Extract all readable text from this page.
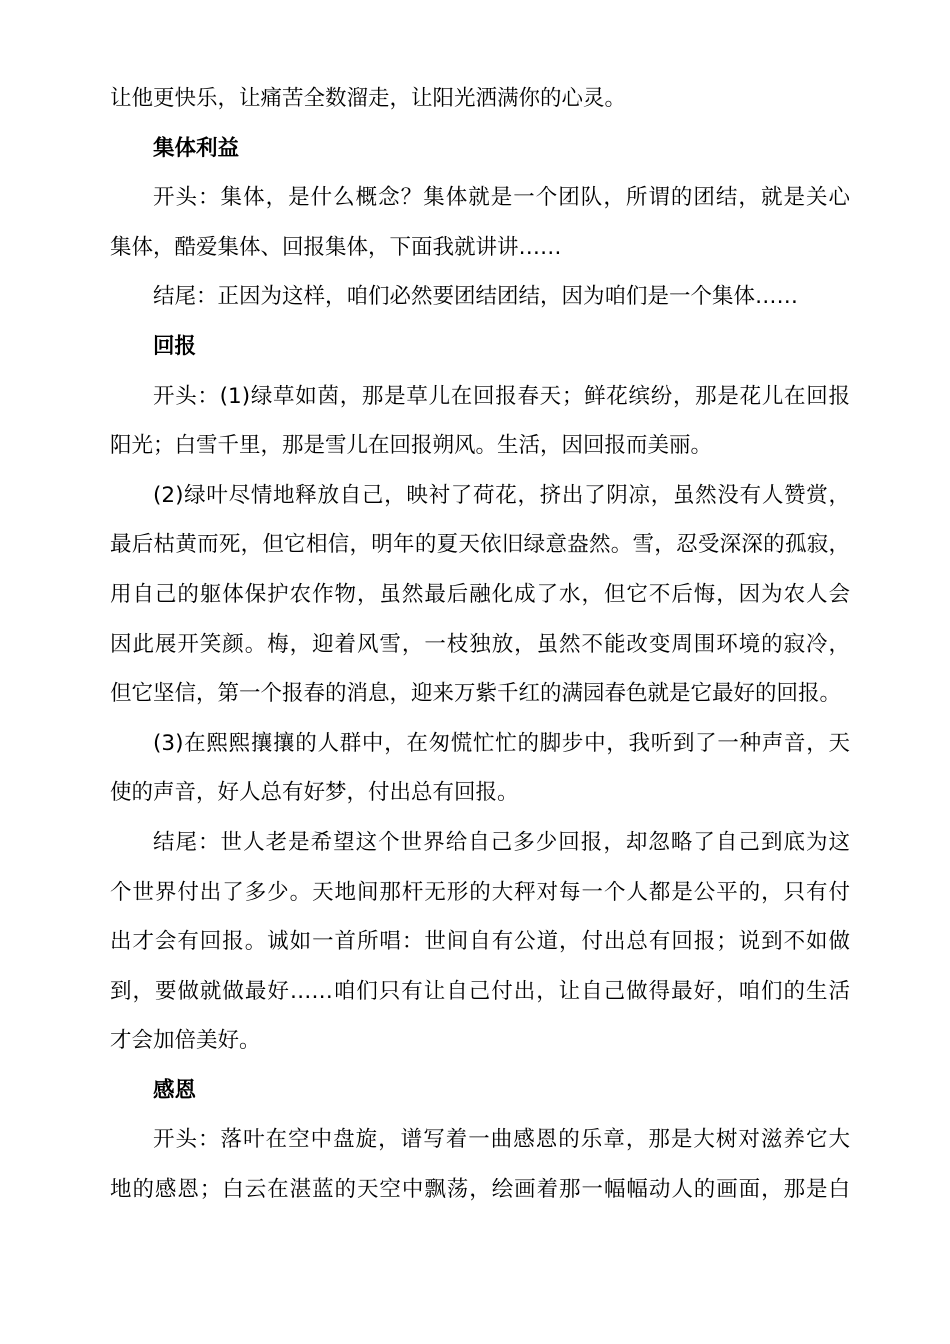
让他更快乐，让痛苦全数溜走，让阳光洒满你的心灵。
集体利益
开头：集体，是什么概念？集体就是一个团队，所谓的团结，就是关心
集体，酷爱集体、回报集体，下面我就讲讲……
结尾：正因为这样，咱们必然要团结团结，因为咱们是一个集体……
回报
开头：(1)绿草如茵，那是草儿在回报春天；鲜花缤纷，那是花儿在回报
阳光；白雪千里，那是雪儿在回报朔风。生活，因回报而美丽。
(2)绿叶尽情地释放自己，映衬了荷花，挤出了阴凉，虽然没有人赞赏，
最后枯黄而死，但它相信，明年的夏天依旧绿意盎然。雪，忍受深深的孤寂，
用自己的躯体保护农作物，虽然最后融化成了水，但它不后悔，因为农人会
因此展开笑颜。梅，迎着风雪，一枝独放，虽然不能改变周围环境的寂冷，
但它坚信，第一个报春的消息，迎来万紫千红的满园春色就是它最好的回报。
(3)在熙熙攘攘的人群中，在匆慌忙忙的脚步中，我听到了一种声音，天
使的声音，好人总有好梦，付出总有回报。
结尾：世人老是希望这个世界给自己多少回报，却忽略了自己到底为这
个世界付出了多少。天地间那杆无形的大秤对每一个人都是公平的，只有付
出才会有回报。诚如一首所唱：世间自有公道，付出总有回报；说到不如做
到，要做就做最好……咱们只有让自己付出，让自己做得最好，咱们的生活
才会加倍美好。
感恩
开头：落叶在空中盘旋，谱写着一曲感恩的乐章，那是大树对滋养它大
地的感恩；白云在湛蓝的天空中飘荡，绘画着那一幅幅动人的画面，那是白
